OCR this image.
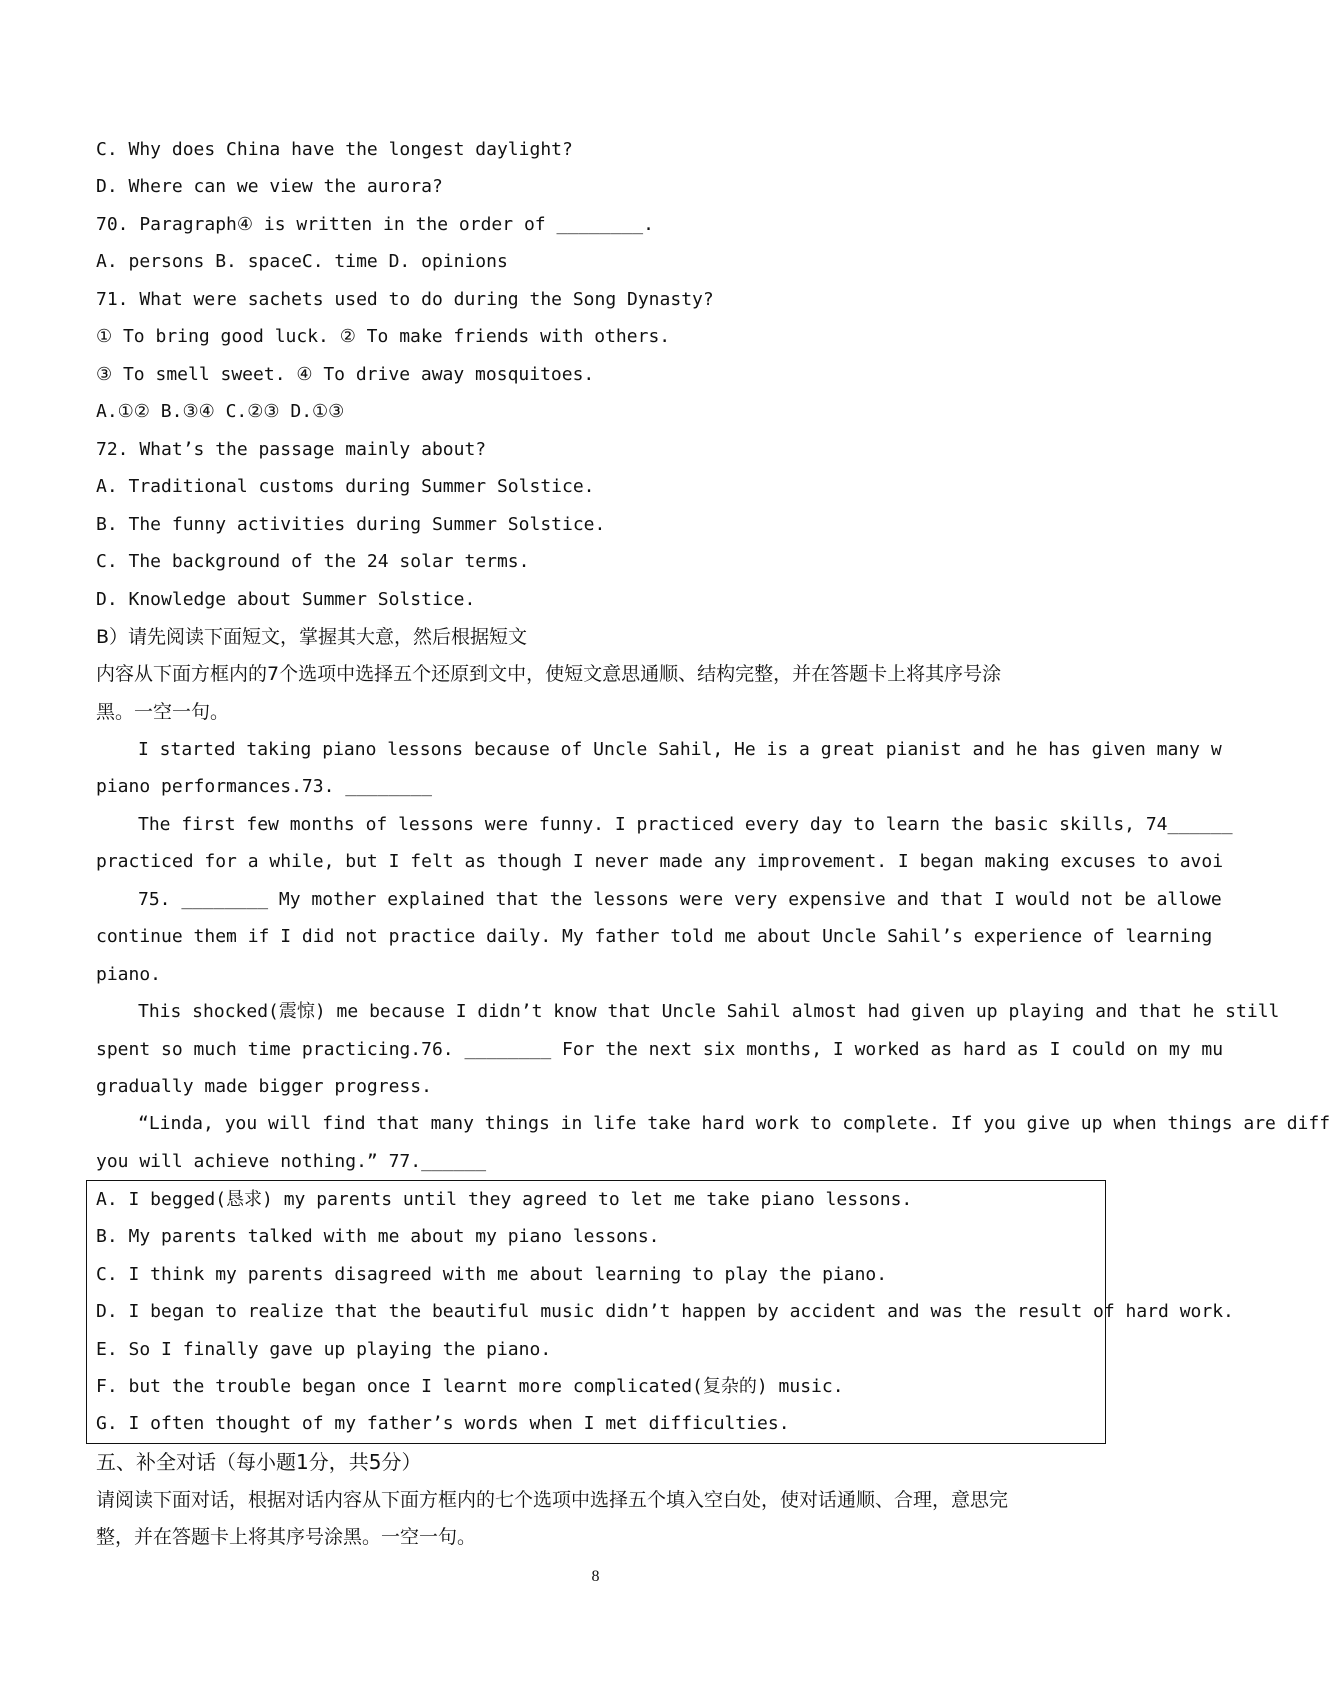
C. Why does China have the longest daylight?
D. Where can we view the aurora?
70. Paragraph④ is written in the order of ________.
A. persons B. spaceC. time D. opinions
71. What were sachets used to do during the Song Dynasty?
① To bring good luck. ② To make friends with others.
③ To smell sweet. ④ To drive away mosquitoes.
A.①② B.③④ C.②③ D.①③
72. What’s the passage mainly about?
A. Traditional customs during Summer Solstice.
B. The funny activities during Summer Solstice.
C. The background of the 24 solar terms.
D. Knowledge about Summer Solstice.
B）请先阅读下面短文，掌握其大意，然后根据短文
内容从下面方框内的7个选项中选择五个还原到文中，使短文意思通顺、结构完整，并在答题卡上将其序号涂
黑。一空一句。
I started taking piano lessons because of Uncle Sahil, He is a great pianist and he has given many w
piano performances.73. ________
The first few months of lessons were funny. I practiced every day to learn the basic skills, 74______
practiced for a while, but I felt as though I never made any improvement. I began making excuses to avoi
75. ________ My mother explained that the lessons were very expensive and that I would not be allowe
continue them if I did not practice daily. My father told me about Uncle Sahil’s experience of learning
piano.
This shocked(震惊) me because I didn’t know that Uncle Sahil almost had given up playing and that he still
spent so much time practicing.76. ________ For the next six months, I worked as hard as I could on my mu
gradually made bigger progress.
“Linda, you will find that many things in life take hard work to complete. If you give up when things are diff
you will achieve nothing.” 77.______
A. I begged(恳求) my parents until they agreed to let me take piano lessons.
B. My parents talked with me about my piano lessons.
C. I think my parents disagreed with me about learning to play the piano.
D. I began to realize that the beautiful music didn’t happen by accident and was the result of hard work.
E. So I finally gave up playing the piano.
F. but the trouble began once I learnt more complicated(复杂的) music.
G. I often thought of my father’s words when I met difficulties.
五、补全对话（每小题1分，共5分）
请阅读下面对话，根据对话内容从下面方框内的七个选项中选择五个填入空白处，使对话通顺、合理，意思完
整，并在答题卡上将其序号涂黑。一空一句。
8
